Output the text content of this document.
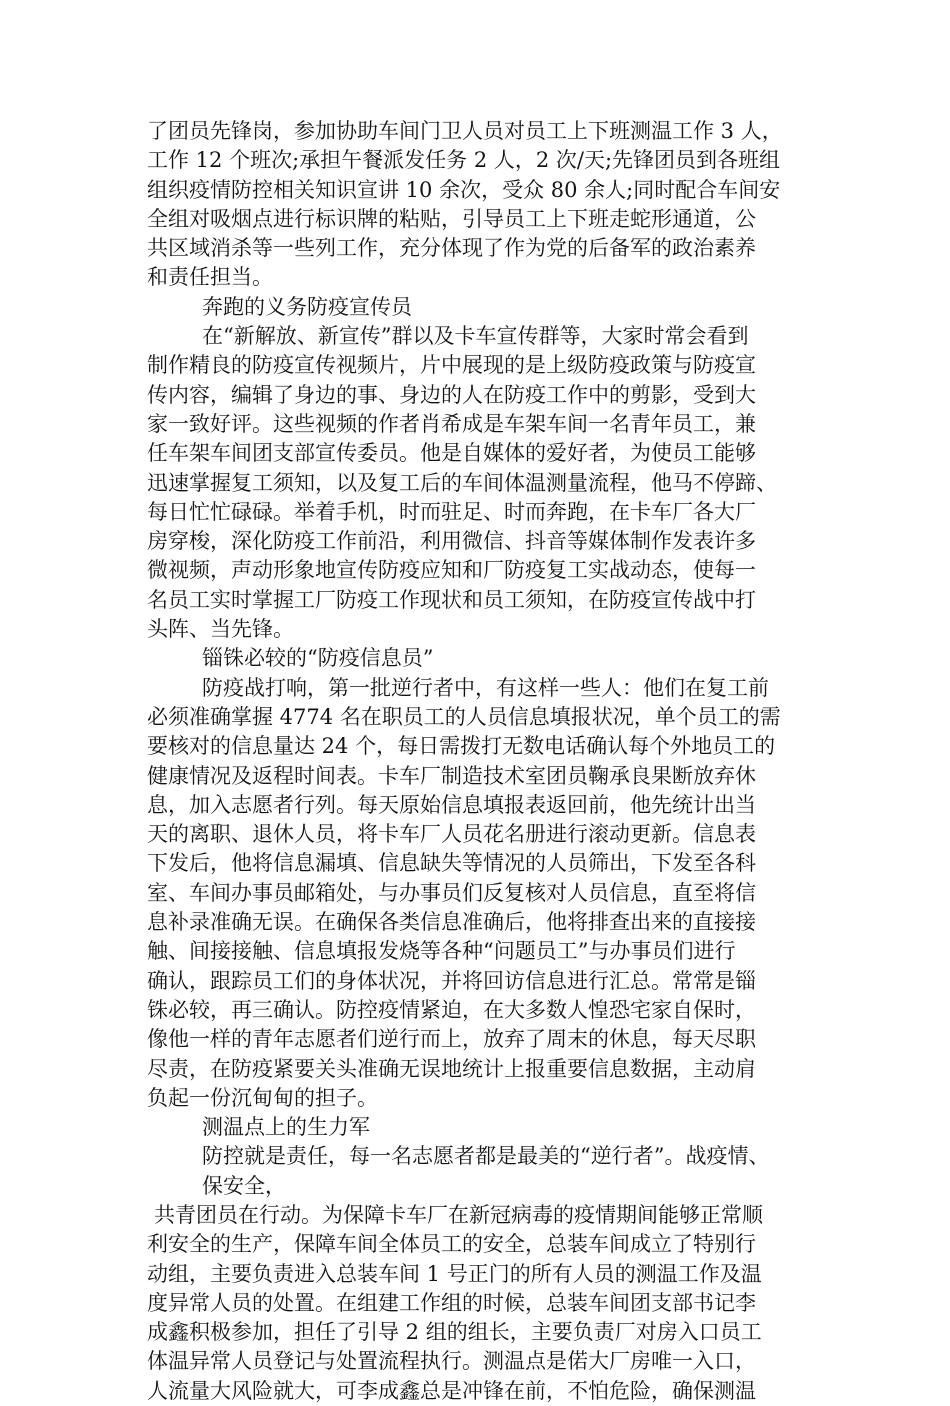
了团员先锋岗，参加协助车间门卫人员对员工上下班测温工作 3 人，
工作 12 个班次;承担午餐派发任务 2 人，2 次/天;先锋团员到各班组
组织疫情防控相关知识宣讲 10 余次，受众 80 余人;同时配合车间安
全组对吸烟点进行标识牌的粘贴，引导员工上下班走蛇形通道，公
共区域消杀等一些列工作，充分体现了作为党的后备军的政治素养
和责任担当。
奔跑的义务防疫宣传员
在“新解放、新宣传”群以及卡车宣传群等，大家时常会看到
制作精良的防疫宣传视频片，片中展现的是上级防疫政策与防疫宣
传内容，编辑了身边的事、身边的人在防疫工作中的剪影，受到大
家一致好评。这些视频的作者肖希成是车架车间一名青年员工，兼
任车架车间团支部宣传委员。他是自媒体的爱好者，为使员工能够
迅速掌握复工须知，以及复工后的车间体温测量流程，他马不停蹄、
每日忙忙碌碌。举着手机，时而驻足、时而奔跑，在卡车厂各大厂
房穿梭，深化防疫工作前沿，利用微信、抖音等媒体制作发表许多
微视频，声动形象地宣传防疫应知和厂防疫复工实战动态，使每一
名员工实时掌握工厂防疫工作现状和员工须知，在防疫宣传战中打
头阵、当先锋。
锱铢必较的“防疫信息员”
防疫战打响，第一批逆行者中，有这样一些人：他们在复工前
必须准确掌握 4774 名在职员工的人员信息填报状况，单个员工的需
要核对的信息量达 24 个，每日需拨打无数电话确认每个外地员工的
健康情况及返程时间表。卡车厂制造技术室团员鞠承良果断放弃休
息，加入志愿者行列。每天原始信息填报表返回前，他先统计出当
天的离职、退休人员，将卡车厂人员花名册进行滚动更新。信息表
下发后，他将信息漏填、信息缺失等情况的人员筛出，下发至各科
室、车间办事员邮箱处，与办事员们反复核对人员信息，直至将信
息补录准确无误。在确保各类信息准确后，他将排查出来的直接接
触、间接接触、信息填报发烧等各种“问题员工”与办事员们进行
确认，跟踪员工们的身体状况，并将回访信息进行汇总。常常是锱
铢必较，再三确认。防控疫情紧迫，在大多数人惶恐宅家自保时，
像他一样的青年志愿者们逆行而上，放弃了周末的休息，每天尽职
尽责，在防疫紧要关头准确无误地统计上报重要信息数据，主动肩
负起一份沉甸甸的担子。
测温点上的生力军
防控就是责任，每一名志愿者都是最美的“逆行者”。战疫情、
保安全，
共青团员在行动。为保障卡车厂在新冠病毒的疫情期间能够正常顺
利安全的生产，保障车间全体员工的安全，总装车间成立了特别行
动组，主要负责进入总装车间 1 号正门的所有人员的测温工作及温
度异常人员的处置。在组建工作组的时候，总装车间团支部书记李
成鑫积极参加，担任了引导 2 组的组长，主要负责厂对房入口员工
体温异常人员登记与处置流程执行。测温点是偌大厂房唯一入口，
人流量大风险就大，可李成鑫总是冲锋在前，不怕危险，确保测温
